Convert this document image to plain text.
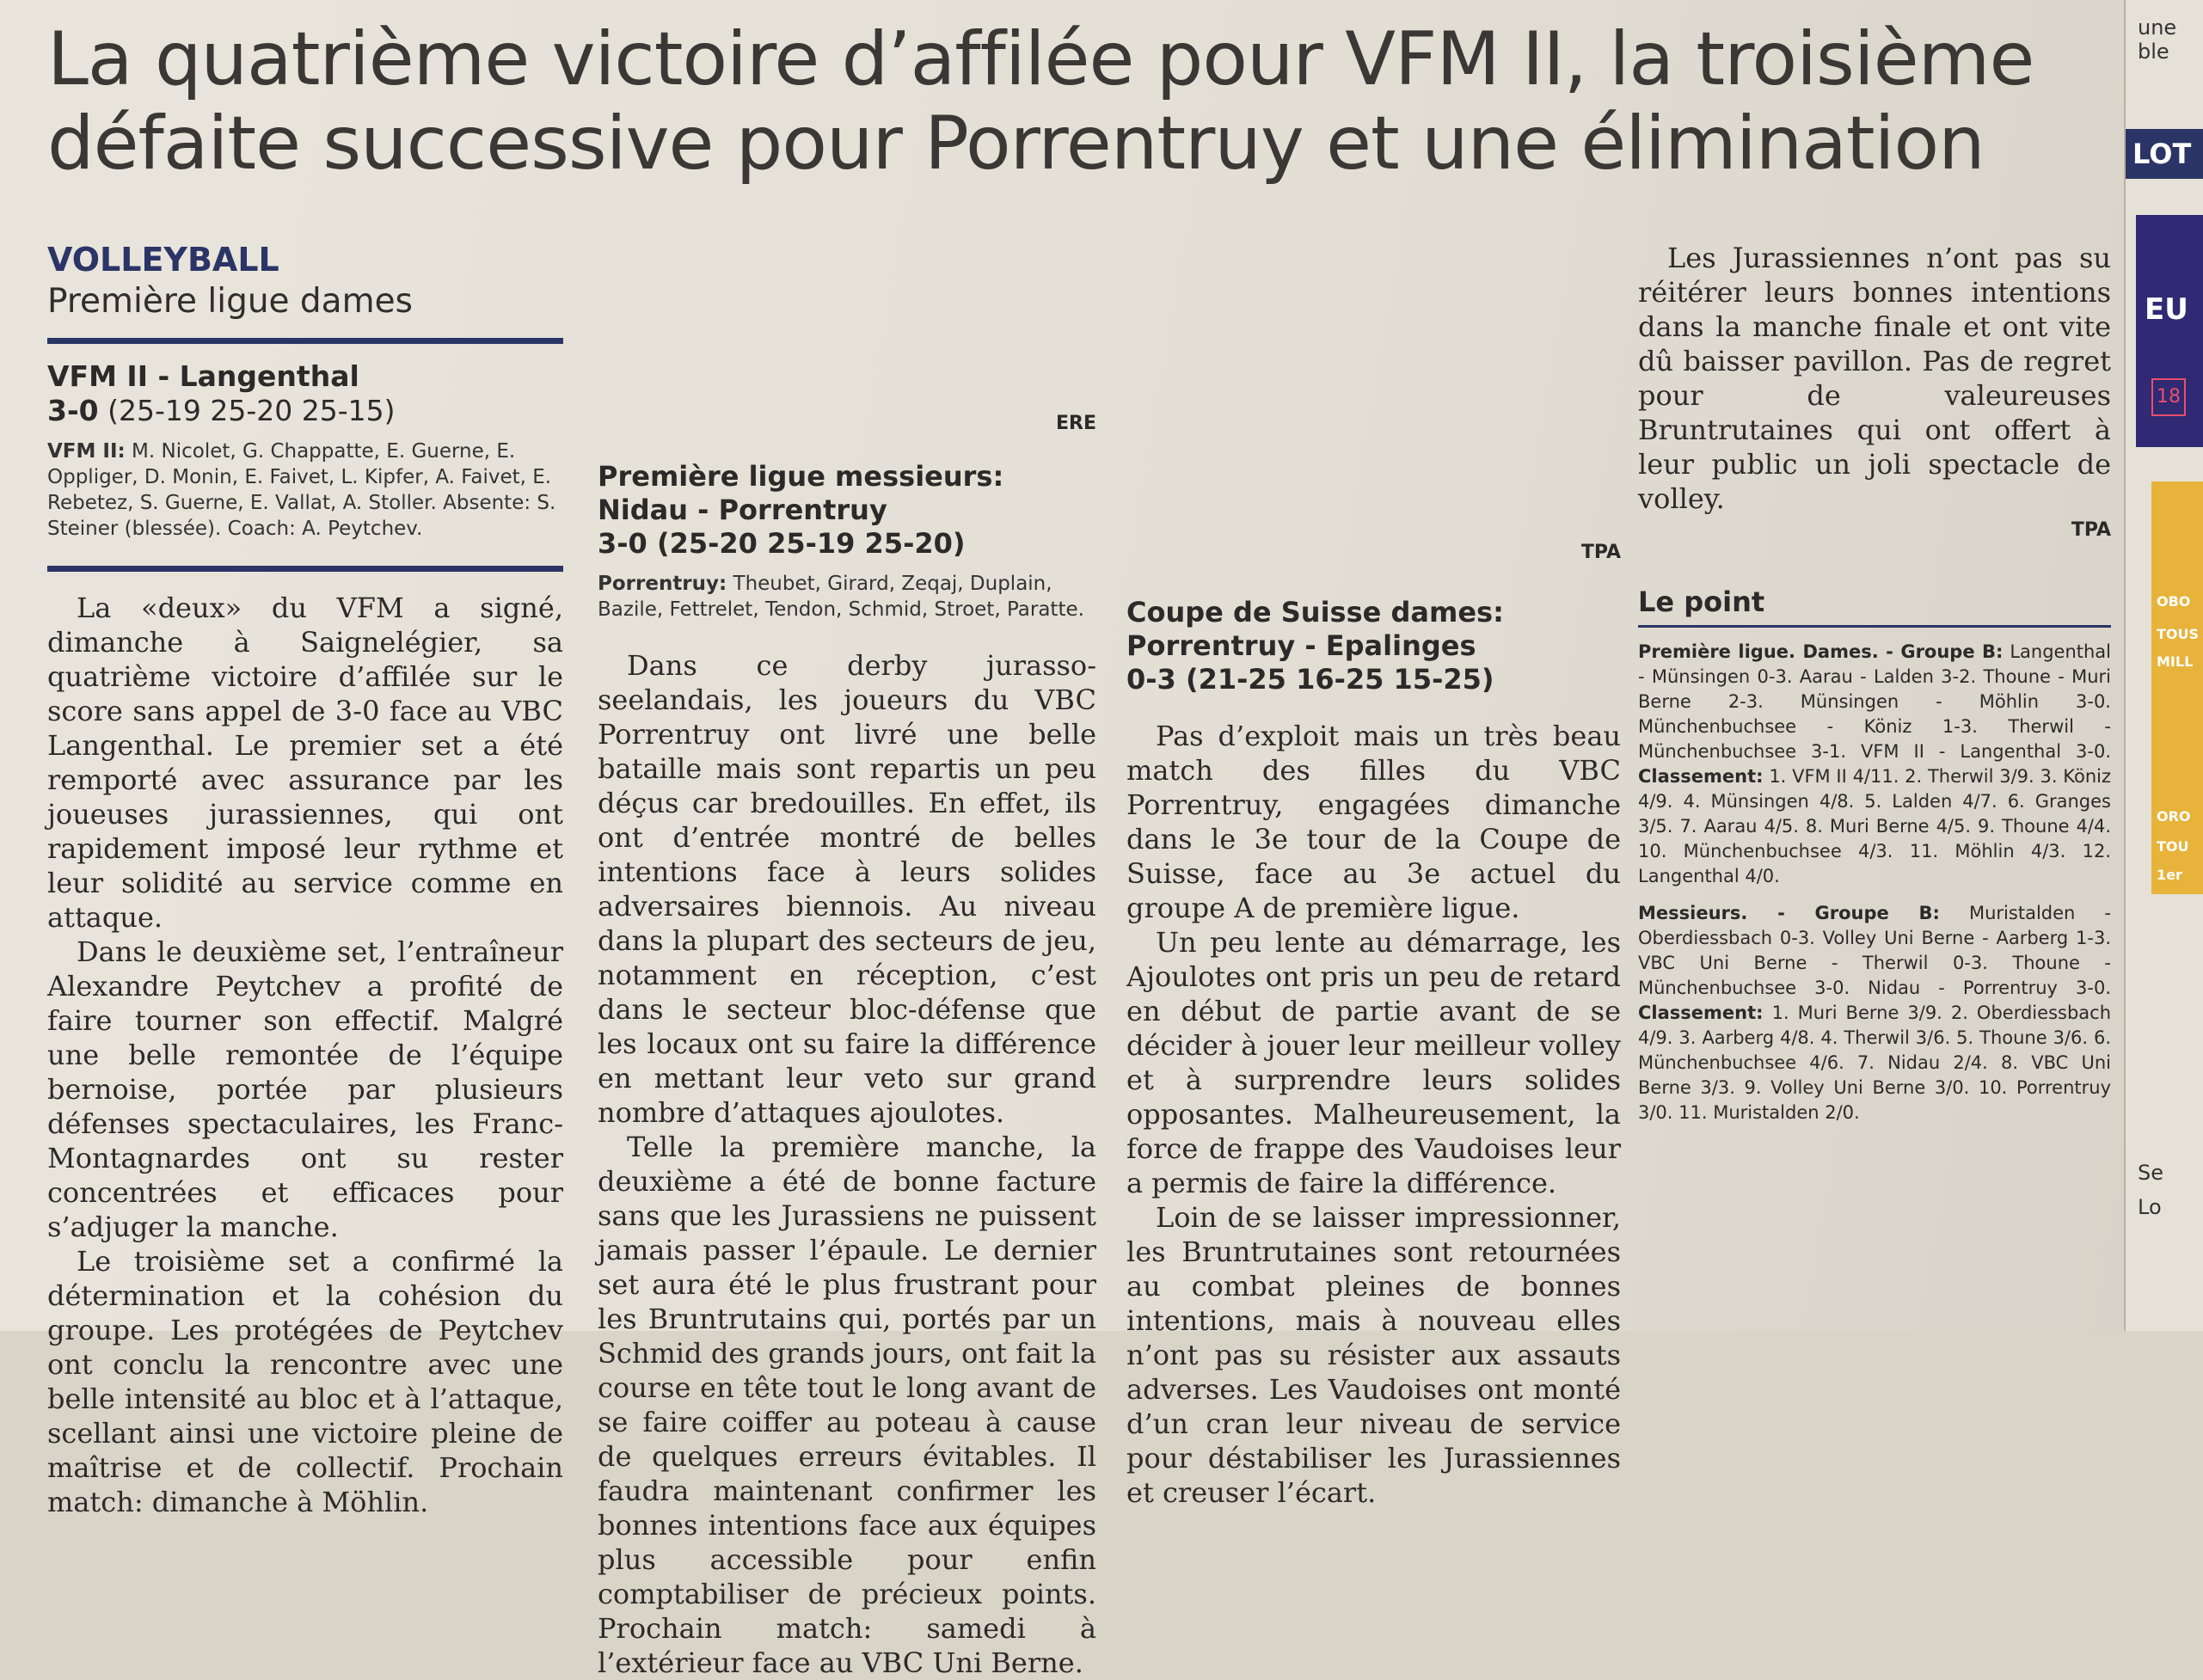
La quatrième victoire d’affilée pour VFM II, la troisième défaite successive pour Porrentruy et une élimination
VOLLEYBALL
Première ligue dames
VFM II - Langenthal
3-0 (25-19 25-20 25-15)
VFM II: M. Nicolet, G. Chappatte, E. Guerne, E. Oppliger, D. Monin, E. Faivet, L. Kipfer, A. Faivet, E. Rebetez, S. Guerne, E. Vallat, A. Stoller. Absente: S. Steiner (blessée). Coach: A. Peytchev.

La «deux» du VFM a signé, dimanche à Saignelégier, sa quatrième victoire d’affilée sur le score sans appel de 3-0 face au VBC Langenthal. Le premier set a été remporté avec assurance par les joueuses jurassiennes, qui ont rapidement imposé leur rythme et leur solidité au service comme en attaque.

Dans le deuxième set, l’entraîneur Alexandre Peytchev a profité de faire tourner son effectif. Malgré une belle remontée de l’équipe bernoise, portée par plusieurs défenses spectaculaires, les Franc-Montagnardes ont su rester concentrées et efficaces pour s’adjuger la manche.

Le troisième set a confirmé la détermination et la cohésion du groupe. Les protégées de Peytchev ont conclu la rencontre avec une belle intensité au bloc et à l’attaque, scellant ainsi une victoire pleine de maîtrise et de collectif. Prochain match: dimanche à Möhlin.

ERE
Première ligue messieurs:
Nidau - Porrentruy
3-0 (25-20 25-19 25-20)
Porrentruy: Theubet, Girard, Zeqaj, Duplain, Bazile, Fettrelet, Tendon, Schmid, Stroet, Paratte.

Dans ce derby jurasso-seelandais, les joueurs du VBC Porrentruy ont livré une belle bataille mais sont repartis un peu déçus car bredouilles. En effet, ils ont d’entrée montré de belles intentions face à leurs solides adversaires biennois. Au niveau dans la plupart des secteurs de jeu, notamment en réception, c’est dans le secteur bloc-défense que les locaux ont su faire la différence en mettant leur veto sur grand nombre d’attaques ajoulotes.

Telle la première manche, la deuxième a été de bonne facture sans que les Jurassiens ne puissent jamais passer l’épaule. Le dernier set aura été le plus frustrant pour les Bruntrutains qui, portés par un Schmid des grands jours, ont fait la course en tête tout le long avant de se faire coiffer au poteau à cause de quelques erreurs évitables. Il faudra maintenant confirmer les bonnes intentions face aux équipes plus accessible pour enfin comptabiliser de précieux points. Prochain match: samedi à l’extérieur face au VBC Uni Berne.

TPA
Coupe de Suisse dames:
Porrentruy - Epalinges
0-3 (21-25 16-25 15-25)

Pas d’exploit mais un très beau match des filles du VBC Porrentruy, engagées dimanche dans le 3e tour de la Coupe de Suisse, face au 3e actuel du groupe A de première ligue.

Un peu lente au démarrage, les Ajoulotes ont pris un peu de retard en début de partie avant de se décider à jouer leur meilleur volley et à surprendre leurs solides opposantes. Malheureusement, la force de frappe des Vaudoises leur a permis de faire la différence.

Loin de se laisser impressionner, les Bruntrutaines sont retournées au combat pleines de bonnes intentions, mais à nouveau elles n’ont pas su résister aux assauts adverses. Les Vaudoises ont monté d’un cran leur niveau de service pour déstabiliser les Jurassiennes et creuser l’écart.

Les Jurassiennes n’ont pas su réitérer leurs bonnes intentions dans la manche finale et ont vite dû baisser pavillon. Pas de regret pour de valeureuses Bruntrutaines qui ont offert à leur public un joli spectacle de volley.

TPA
Le point

Première ligue. Dames. - Groupe B: Langenthal - Münsingen 0-3. Aarau - Lalden 3-2. Thoune - Muri Berne 2-3. Münsingen - Möhlin 3-0. Münchenbuchsee - Köniz 1-3. Therwil - Münchenbuchsee 3-1. VFM II - Langenthal 3-0. Classement: 1. VFM II 4/11. 2. Therwil 3/9. 3. Köniz 4/9. 4. Münsingen 4/8. 5. Lalden 4/7. 6. Granges 3/5. 7. Aarau 4/5. 8. Muri Berne 4/5. 9. Thoune 4/4. 10. Münchenbuchsee 4/3. 11. Möhlin 4/3. 12. Langenthal 4/0.

Messieurs. - Groupe B: Muristalden - Oberdiessbach 0-3. Volley Uni Berne - Aarberg 1-3. VBC Uni Berne - Therwil 0-3. Thoune - Münchenbuchsee 3-0. Nidau - Porrentruy 3-0. Classement: 1. Muri Berne 3/9. 2. Oberdiessbach 4/9. 3. Aarberg 4/8. 4. Therwil 3/6. 5. Thoune 3/6. 6. Münchenbuchsee 4/6. 7. Nidau 2/4. 8. VBC Uni Berne 3/3. 9. Volley Uni Berne 3/0. 10. Porrentruy 3/0. 11. Muristalden 2/0.

une ble
LOT
EU
18
OBO
TOUS
MILL
ORO
TOU
1er
Se
Lo
